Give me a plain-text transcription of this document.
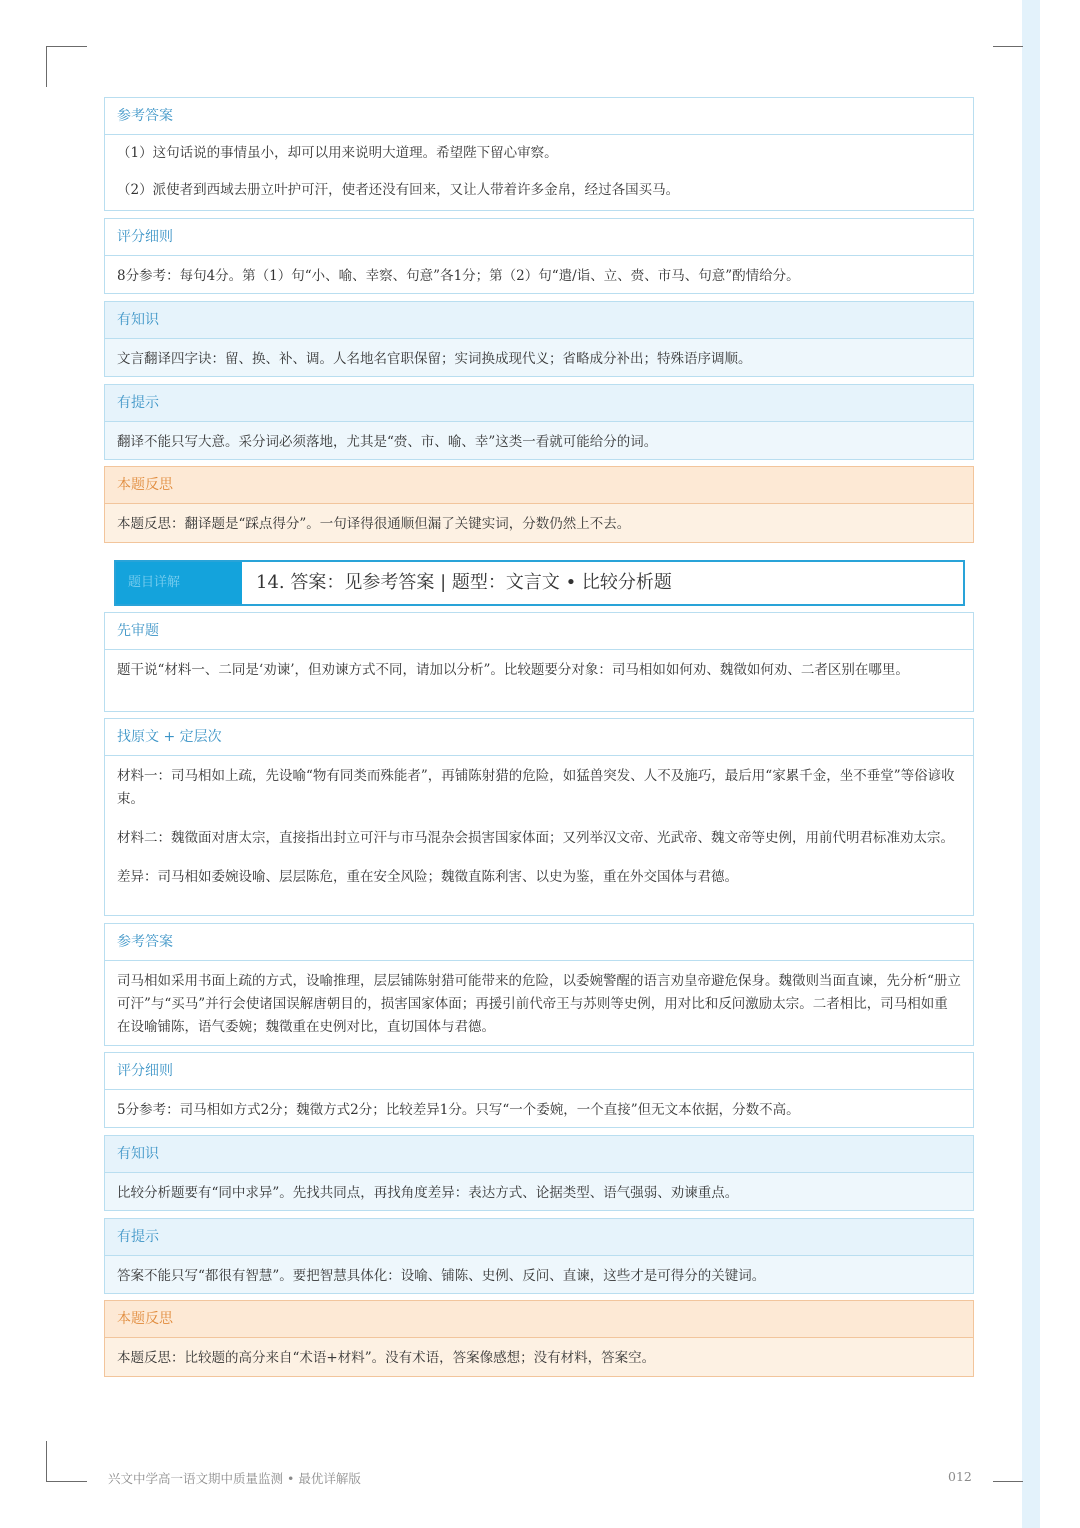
参考答案

（1）这句话说的事情虽小，却可以用来说明大道理。希望陛下留心审察。

（2）派使者到西域去册立叶护可汗，使者还没有回来，又让人带着许多金帛，经过各国买马。

评分细则

8分参考：每句4分。第（1）句“小、喻、幸察、句意”各1分；第（2）句“遣/诣、立、赍、市马、句意”酌情给分。

有知识

文言翻译四字诀：留、换、补、调。人名地名官职保留；实词换成现代义；省略成分补出；特殊语序调顺。

有提示

翻译不能只写大意。采分词必须落地，尤其是“赍、市、喻、幸”这类一看就可能给分的词。

本题反思

本题反思：翻译题是“踩点得分”。一句译得很通顺但漏了关键实词，分数仍然上不去。

题目详解	14. 答案：见参考答案 | 题型：文言文 • 比较分析题
先审题

题干说“材料一、二同是‘劝谏’，但劝谏方式不同，请加以分析”。比较题要分对象：司马相如如何劝、魏徵如何劝、二者区别在哪里。

找原文 + 定层次

材料一：司马相如上疏，先设喻“物有同类而殊能者”，再铺陈射猎的危险，如猛兽突发、人不及施巧，最后用“家累千金，坐不垂堂”等俗谚收束。

材料二：魏徵面对唐太宗，直接指出封立可汗与市马混杂会损害国家体面；又列举汉文帝、光武帝、魏文帝等史例，用前代明君标准劝太宗。

差异：司马相如委婉设喻、层层陈危，重在安全风险；魏徵直陈利害、以史为鉴，重在外交国体与君德。

参考答案

司马相如采用书面上疏的方式，设喻推理，层层铺陈射猎可能带来的危险，以委婉警醒的语言劝皇帝避危保身。魏徵则当面直谏，先分析“册立可汗”与“买马”并行会使诸国误解唐朝目的，损害国家体面；再援引前代帝王与苏则等史例，用对比和反问激励太宗。二者相比，司马相如重在设喻铺陈，语气委婉；魏徵重在史例对比，直切国体与君德。

评分细则

5分参考：司马相如方式2分；魏徵方式2分；比较差异1分。只写“一个委婉，一个直接”但无文本依据，分数不高。

有知识

比较分析题要有“同中求异”。先找共同点，再找角度差异：表达方式、论据类型、语气强弱、劝谏重点。

有提示

答案不能只写“都很有智慧”。要把智慧具体化：设喻、铺陈、史例、反问、直谏，这些才是可得分的关键词。

本题反思

本题反思：比较题的高分来自“术语+材料”。没有术语，答案像感想；没有材料，答案空。

兴文中学高一语文期中质量监测 • 最优详解版	012
